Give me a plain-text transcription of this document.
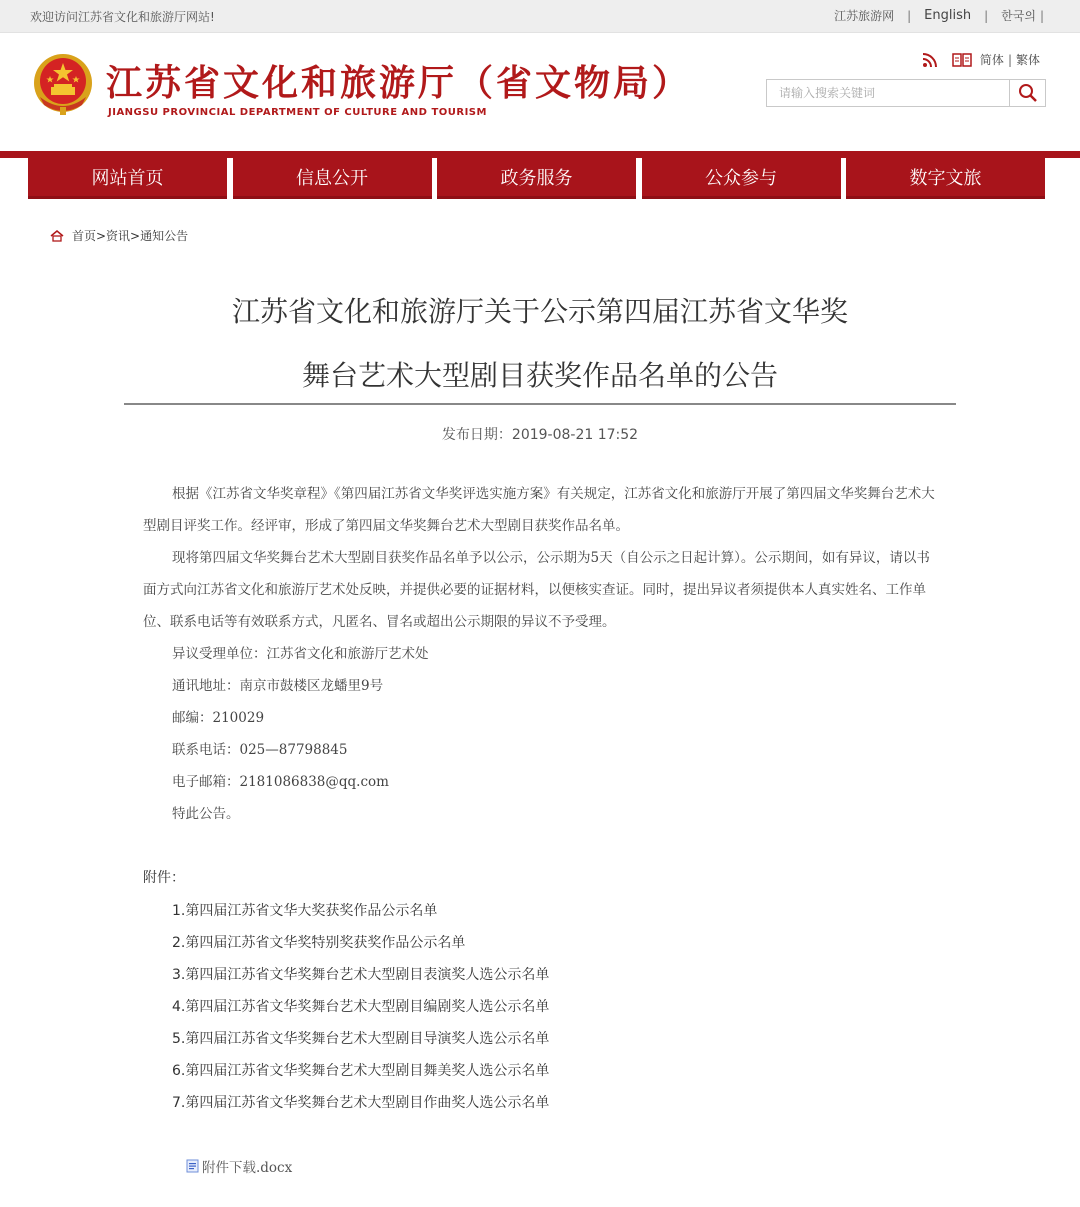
欢迎访问江苏省文化和旅游厅网站!	江苏旅游网 | English | 한국의 |
江苏省文化和旅游厅（省文物局）
JIANGSU PROVINCIAL DEPARTMENT OF CULTURE AND TOURISM
简体 | 繁体
请输入搜索关键词
网站首页	信息公开	政务服务	公众参与	数字文旅
首页>资讯>通知公告
江苏省文化和旅游厅关于公示第四届江苏省文华奖
舞台艺术大型剧目获奖作品名单的公告
发布日期：2019-08-21 17:52

根据《江苏省文华奖章程》《第四届江苏省文华奖评选实施方案》有关规定，江苏省文化和旅游厅开展了第四届文华奖舞台艺术大型剧目评奖工作。经评审，形成了第四届文华奖舞台艺术大型剧目获奖作品名单。

现将第四届文华奖舞台艺术大型剧目获奖作品名单予以公示，公示期为5天（自公示之日起计算）。公示期间，如有异议，请以书面方式向江苏省文化和旅游厅艺术处反映，并提供必要的证据材料，以便核实查证。同时，提出异议者须提供本人真实姓名、工作单位、联系电话等有效联系方式，凡匿名、冒名或超出公示期限的异议不予受理。

异议受理单位：江苏省文化和旅游厅艺术处

通讯地址：南京市鼓楼区龙蟠里9号

邮编：210029

联系电话：025—87798845

电子邮箱：2181086838@qq.com

特此公告。

附件：
1.第四届江苏省文华大奖获奖作品公示名单
2.第四届江苏省文华奖特别奖获奖作品公示名单
3.第四届江苏省文华奖舞台艺术大型剧目表演奖人选公示名单
4.第四届江苏省文华奖舞台艺术大型剧目编剧奖人选公示名单
5.第四届江苏省文华奖舞台艺术大型剧目导演奖人选公示名单
6.第四届江苏省文华奖舞台艺术大型剧目舞美奖人选公示名单
7.第四届江苏省文华奖舞台艺术大型剧目作曲奖人选公示名单
附件下载.docx
